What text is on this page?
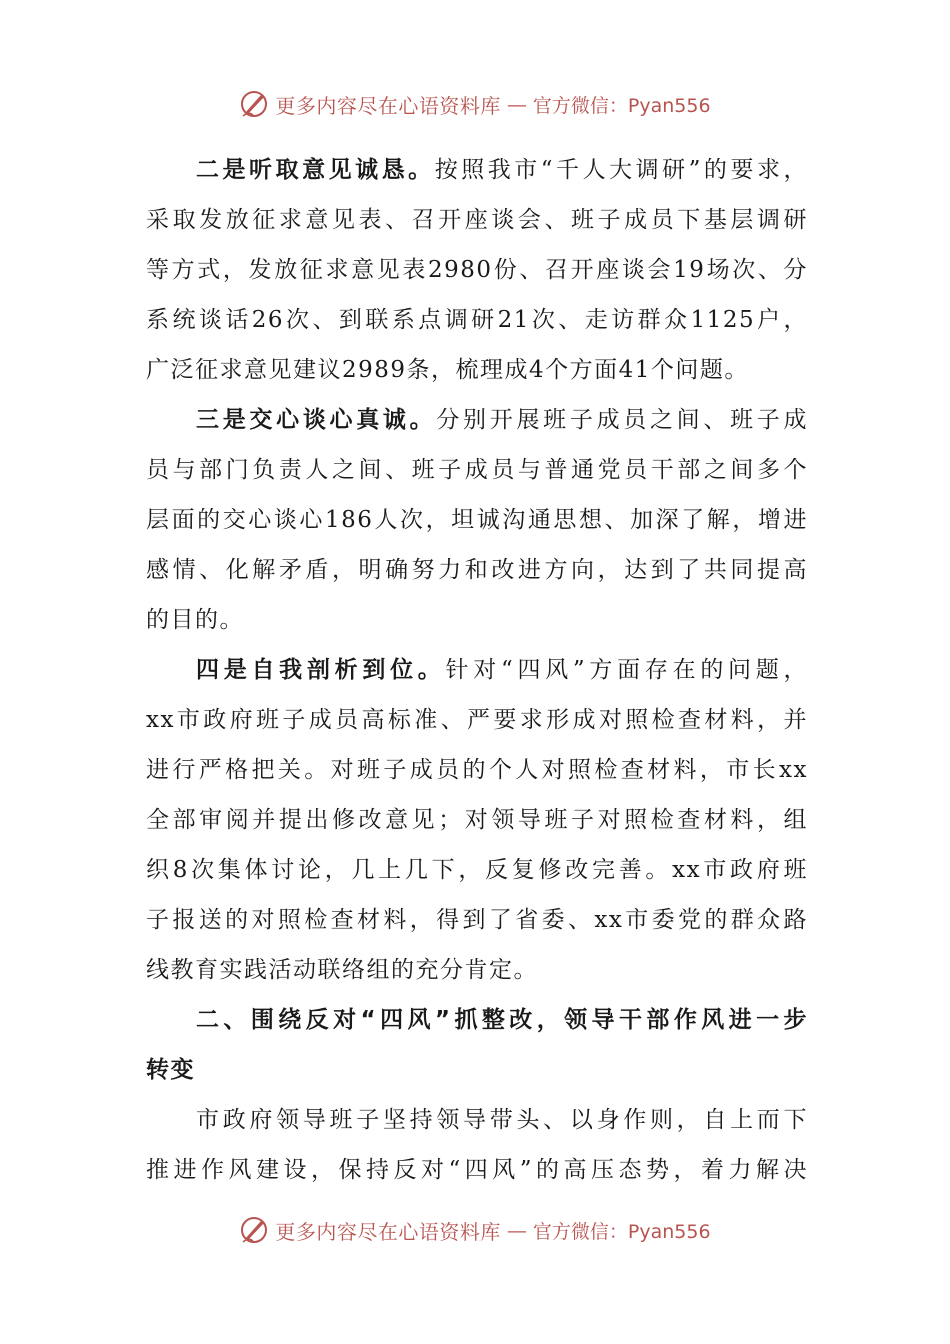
更多内容尽在心语资料库 — 官方微信：Pyan556
二是听取意见诚恳。按照我市“千人大调研”的要求，
采取发放征求意见表、召开座谈会、班子成员下基层调研
等方式，发放征求意见表2980份、召开座谈会19场次、分
系统谈话26次、到联系点调研21次、走访群众1125户，
广泛征求意见建议2989条，梳理成4个方面41个问题。
三是交心谈心真诚。分别开展班子成员之间、班子成
员与部门负责人之间、班子成员与普通党员干部之间多个
层面的交心谈心186人次，坦诚沟通思想、加深了解，增进
感情、化解矛盾，明确努力和改进方向，达到了共同提高
的目的。
四是自我剖析到位。针对“四风”方面存在的问题，
xx市政府班子成员高标准、严要求形成对照检查材料，并
进行严格把关。对班子成员的个人对照检查材料，市长xx
全部审阅并提出修改意见；对领导班子对照检查材料，组
织8次集体讨论，几上几下，反复修改完善。xx市政府班
子报送的对照检查材料，得到了省委、xx市委党的群众路
线教育实践活动联络组的充分肯定。
二、围绕反对“四风”抓整改，领导干部作风进一步
转变
市政府领导班子坚持领导带头、以身作则，自上而下
推进作风建设，保持反对“四风”的高压态势，着力解决
更多内容尽在心语资料库 — 官方微信：Pyan556
